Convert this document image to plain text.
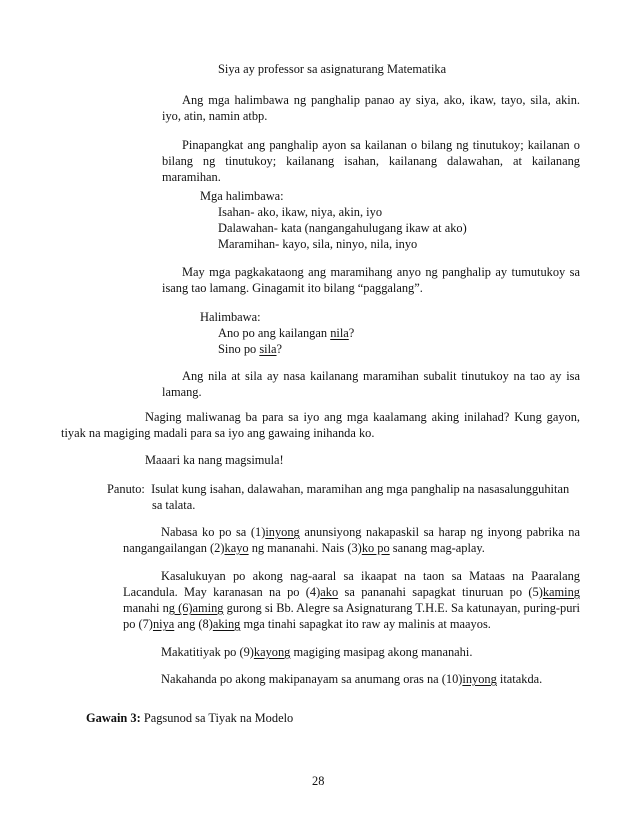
Siya ay professor sa asignaturang Matematika

Ang mga halimbawa ng panghalip panao ay siya, ako, ikaw, tayo, sila, akin. iyo, atin, namin atbp.

Pinapangkat ang panghalip ayon sa kailanan o bilang ng tinutukoy; kailanan o bilang ng tinutukoy; kailanang isahan, kailanang dalawahan, at kailanang maramihan.

Mga halimbawa:
Isahan- ako, ikaw, niya, akin, iyo
Dalawahan- kata (nangangahulugang ikaw at ako)
Maramihan- kayo, sila, ninyo, nila, inyo

May mga pagkakataong ang maramihang anyo ng panghalip ay tumutukoy sa isang tao lamang. Ginagamit ito bilang “paggalang”.

Halimbawa:
Ano po ang kailangan nila?
Sino po sila?

Ang nila at sila ay nasa kailanang maramihan subalit tinutukoy na tao ay isa lamang.

Naging maliwanag ba para sa iyo ang mga kaalamang aking inilahad? Kung gayon, tiyak na magiging madali para sa iyo ang gawaing inihanda ko.

Maaari ka nang magsimula!

Panuto: Isulat kung isahan, dalawahan, maramihan ang mga panghalip na nasasalungguhitan
sa talata.

Nabasa ko po sa (1)inyong anunsiyong nakapaskil sa harap ng inyong pabrika na nangangailangan (2)kayo ng mananahi. Nais (3)ko po sanang mag-aplay.

Kasalukuyan po akong nag-aaral sa ikaapat na taon sa Mataas na Paaralang Lacandula. May karanasan na po (4)ako sa pananahi sapagkat tinuruan po (5)kaming manahi ng (6)aming gurong si Bb. Alegre sa Asignaturang T.H.E. Sa katunayan, puring-puri po (7)niya ang (8)aking mga tinahi sapagkat ito raw ay malinis at maayos.

Makatitiyak po (9)kayong magiging masipag akong mananahi.

Nakahanda po akong makipanayam sa anumang oras na (10)inyong itatakda.

Gawain 3: Pagsunod sa Tiyak na Modelo

28
